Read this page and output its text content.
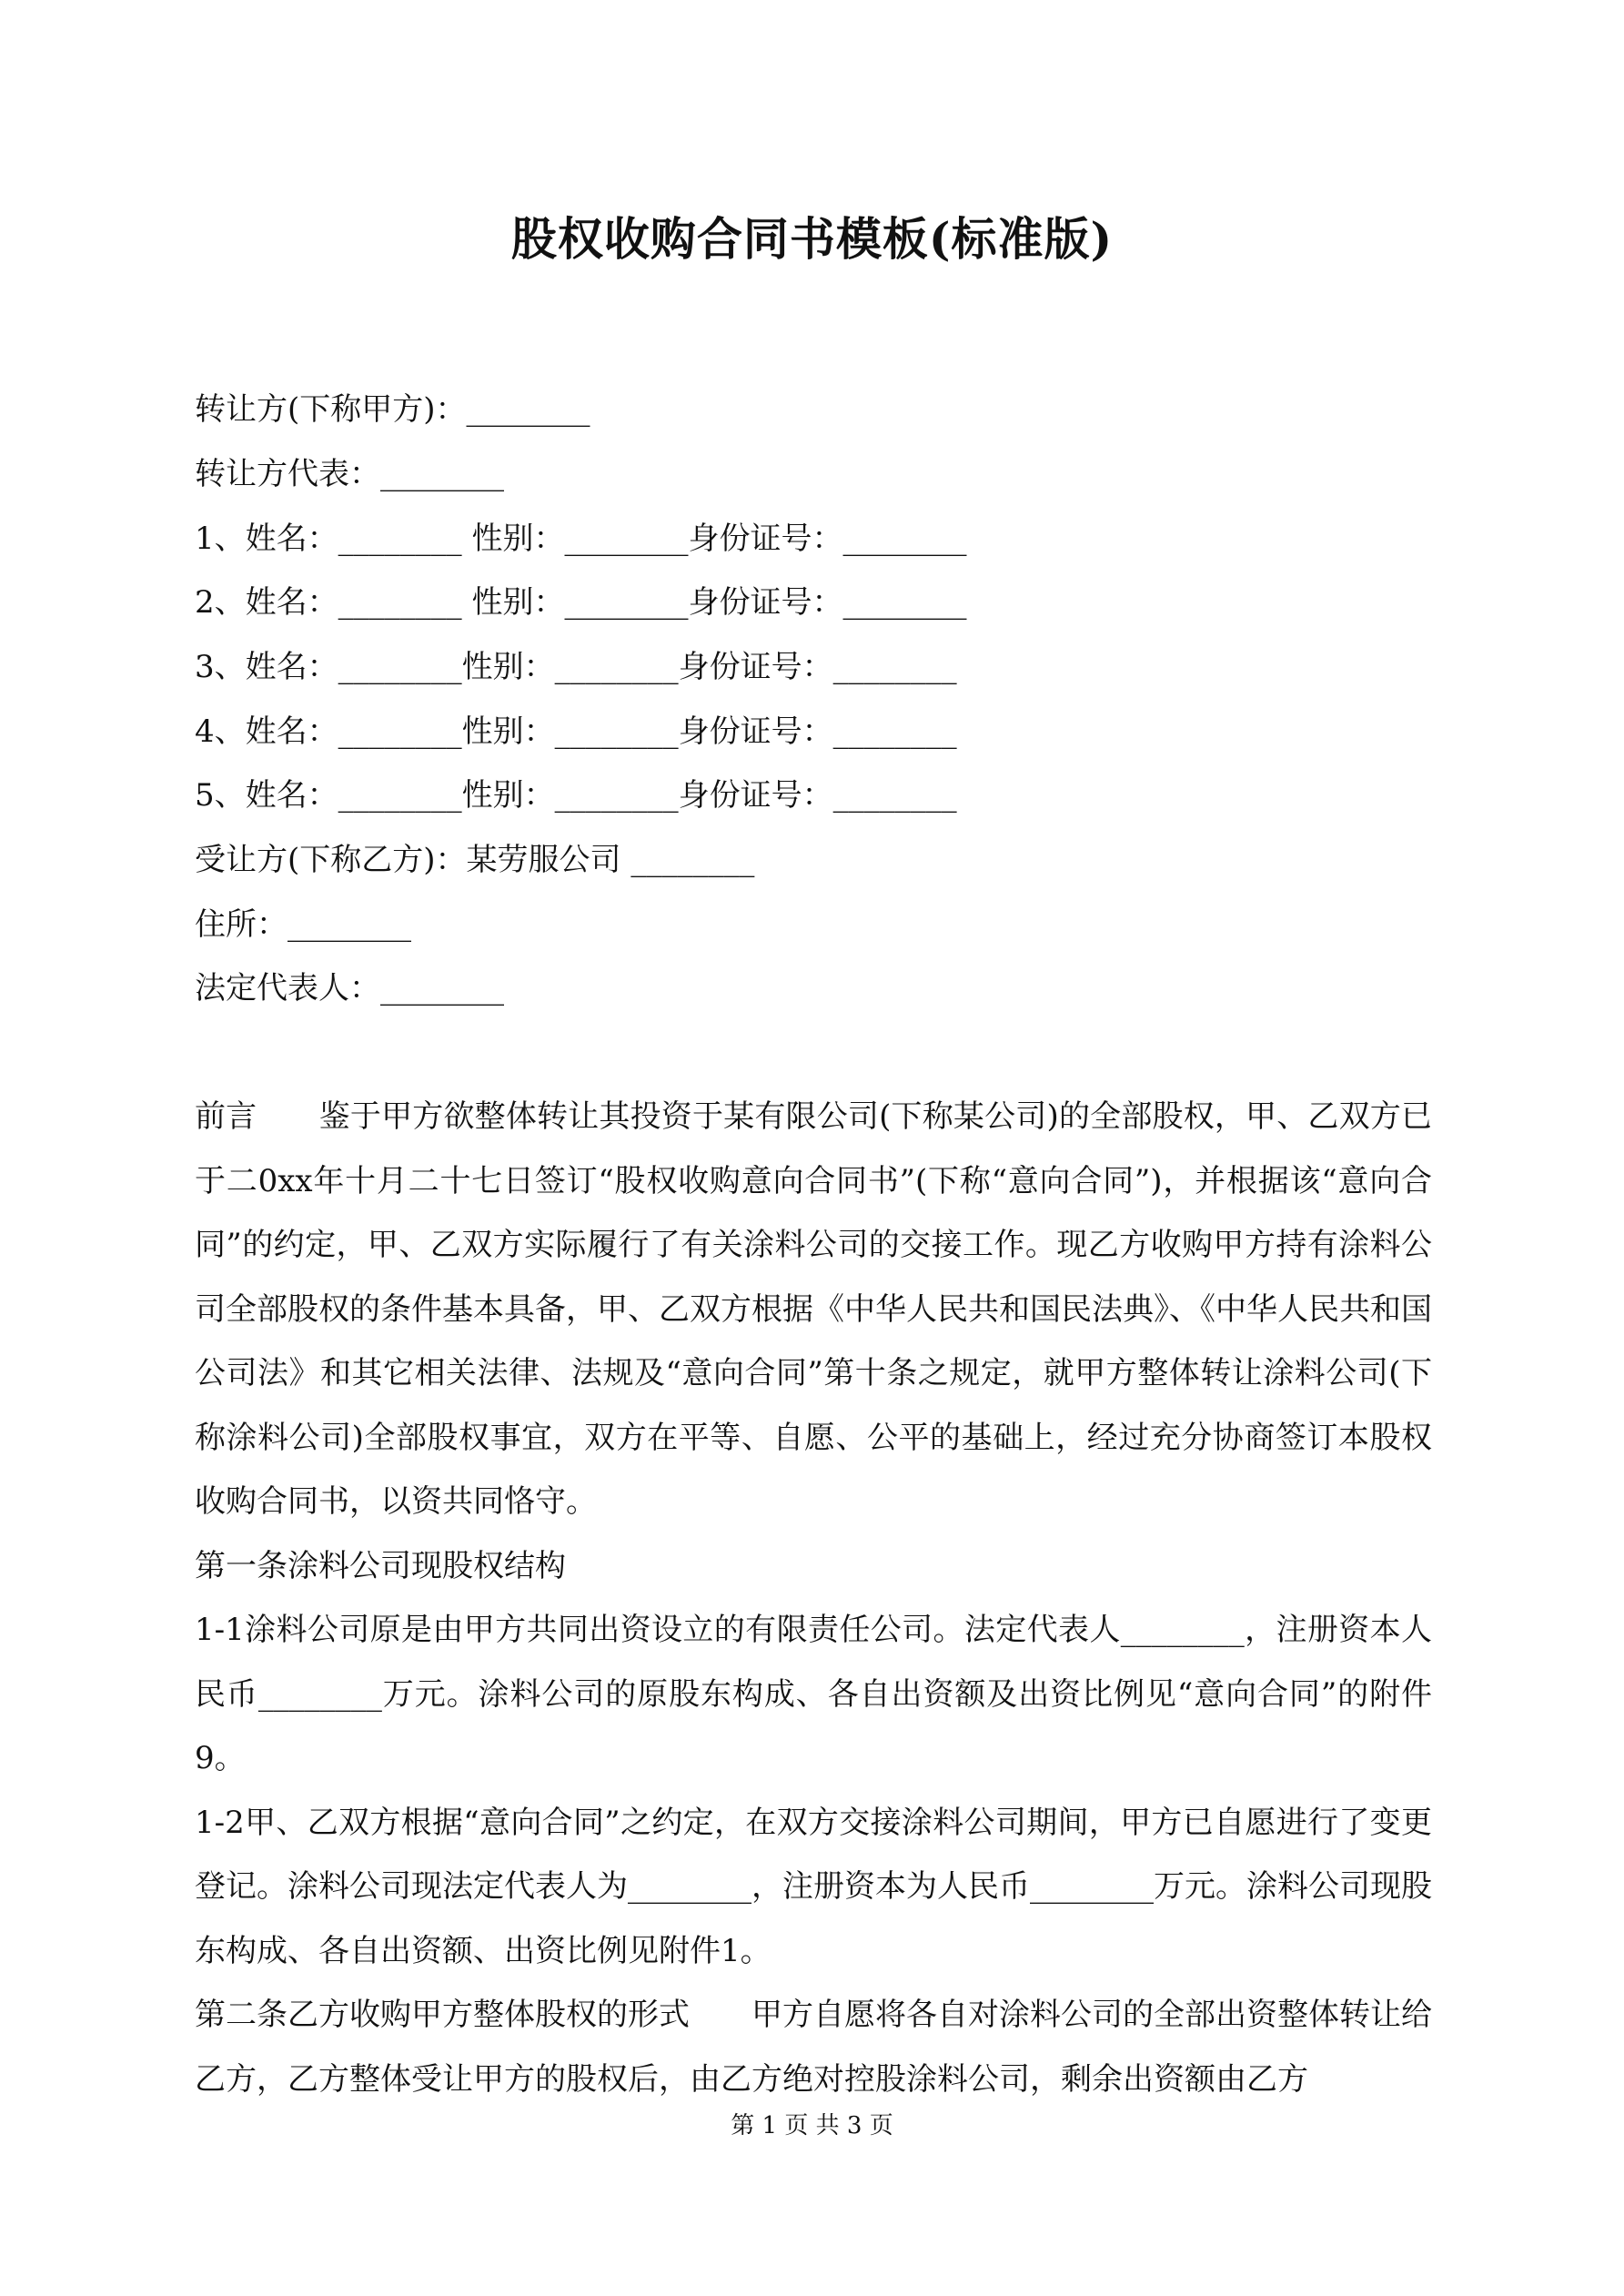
股权收购合同书模板(标准版)
转让方(下称甲方)：________
转让方代表：________
1、姓名：________ 性别：________身份证号：________
2、姓名：________ 性别：________身份证号：________
3、姓名：________性别：________身份证号：________
4、姓名：________性别：________身份证号：________
5、姓名：________性别：________身份证号：________
受让方(下称乙方)：某劳服公司 ________
住所：________
法定代表人：________

前言　　鉴于甲方欲整体转让其投资于某有限公司(下称某公司)的全部股权，甲、乙双方已于二0xx年十月二十七日签订“股权收购意向合同书”(下称“意向合同”)，并根据该“意向合同”的约定，甲、乙双方实际履行了有关涂料公司的交接工作。现乙方收购甲方持有涂料公司全部股权的条件基本具备，甲、乙双方根据《中华人民共和国民法典》、《中华人民共和国公司法》和其它相关法律、法规及“意向合同”第十条之规定，就甲方整体转让涂料公司(下称涂料公司)全部股权事宜，双方在平等、自愿、公平的基础上，经过充分协商签订本股权收购合同书，以资共同恪守。

第一条涂料公司现股权结构

1-1涂料公司原是由甲方共同出资设立的有限责任公司。法定代表人________，注册资本人民币________万元。涂料公司的原股东构成、各自出资额及出资比例见“意向合同”的附件9。

1-2甲、乙双方根据“意向合同”之约定，在双方交接涂料公司期间，甲方已自愿进行了变更登记。涂料公司现法定代表人为________，注册资本为人民币________万元。涂料公司现股东构成、各自出资额、出资比例见附件1。

第二条乙方收购甲方整体股权的形式　　甲方自愿将各自对涂料公司的全部出资整体转让给乙方，乙方整体受让甲方的股权后，由乙方绝对控股涂料公司，剩余出资额由乙方

第 1 页 共 3 页
